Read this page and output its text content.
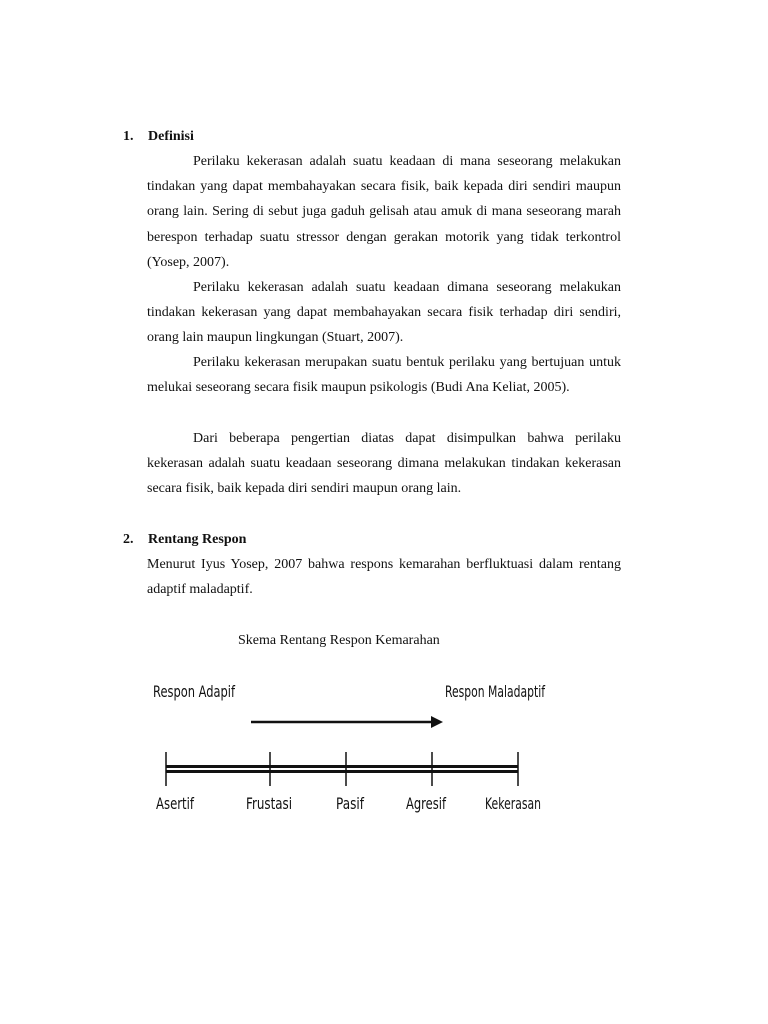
1. Definisi

Perilaku kekerasan adalah suatu keadaan di mana seseorang melakukan tindakan yang dapat membahayakan secara fisik, baik kepada diri sendiri maupun orang lain. Sering di sebut juga gaduh gelisah atau amuk di mana seseorang marah berespon terhadap suatu stressor dengan gerakan motorik yang tidak terkontrol (Yosep, 2007).

Perilaku kekerasan adalah suatu keadaan dimana seseorang melakukan tindakan kekerasan yang dapat membahayakan secara fisik terhadap diri sendiri, orang lain maupun lingkungan (Stuart, 2007).

Perilaku kekerasan merupakan suatu bentuk perilaku yang bertujuan untuk melukai seseorang secara fisik maupun psikologis (Budi Ana Keliat, 2005).

Dari beberapa pengertian diatas dapat disimpulkan bahwa perilaku kekerasan adalah suatu keadaan seseorang dimana melakukan tindakan kekerasan secara fisik, baik kepada diri sendiri maupun orang lain.

2. Rentang Respon

Menurut Iyus Yosep, 2007 bahwa respons kemarahan berfluktuasi dalam rentang adaptif maladaptif.

Skema Rentang Respon Kemarahan
Respon Adapif	Respon Maladaptif
Asertif	Frustasi	Pasif	Agresif Kekerasan
